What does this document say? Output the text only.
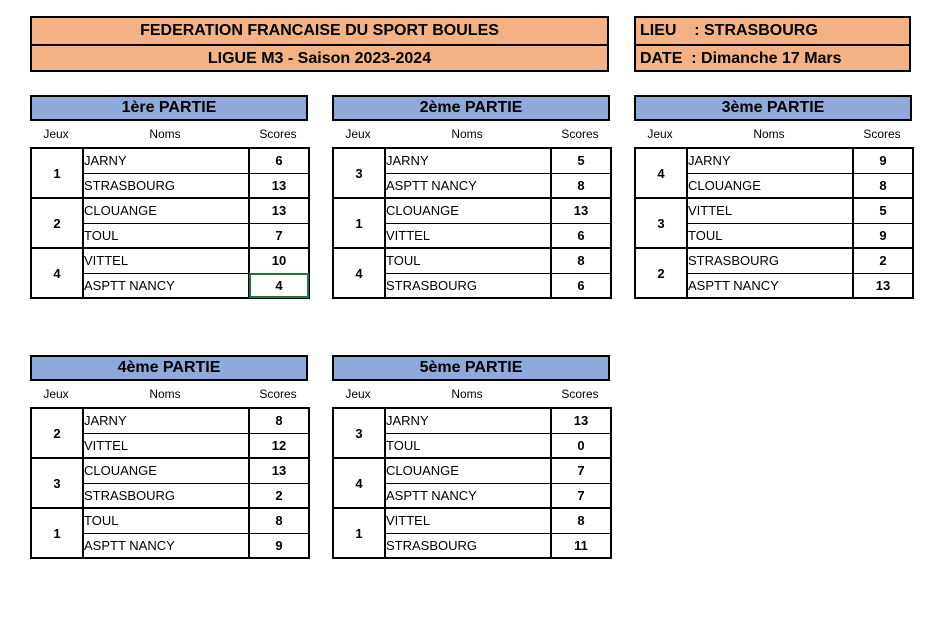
FEDERATION FRANCAISE DU SPORT BOULES
LIGUE M3 - Saison 2023-2024
LIEU    : STRASBOURG
DATE  : Dimanche 17 Mars
1ère PARTIE
Jeux	Noms	Scores
1	JARNY	6
	STRASBOURG	13
2	CLOUANGE	13
	TOUL	7
4	VITTEL	10
	ASPTT NANCY	4
2ème PARTIE
Jeux	Noms	Scores
3	JARNY	5
	ASPTT NANCY	8
1	CLOUANGE	13
	VITTEL	6
4	TOUL	8
	STRASBOURG	6
3ème PARTIE
Jeux	Noms	Scores
4	JARNY	9
	CLOUANGE	8
3	VITTEL	5
	TOUL	9
2	STRASBOURG	2
	ASPTT NANCY	13
4ème PARTIE
Jeux	Noms	Scores
2	JARNY	8
	VITTEL	12
3	CLOUANGE	13
	STRASBOURG	2
1	TOUL	8
	ASPTT NANCY	9
5ème PARTIE
Jeux	Noms	Scores
3	JARNY	13
	TOUL	0
4	CLOUANGE	7
	ASPTT NANCY	7
1	VITTEL	8
	STRASBOURG	11
